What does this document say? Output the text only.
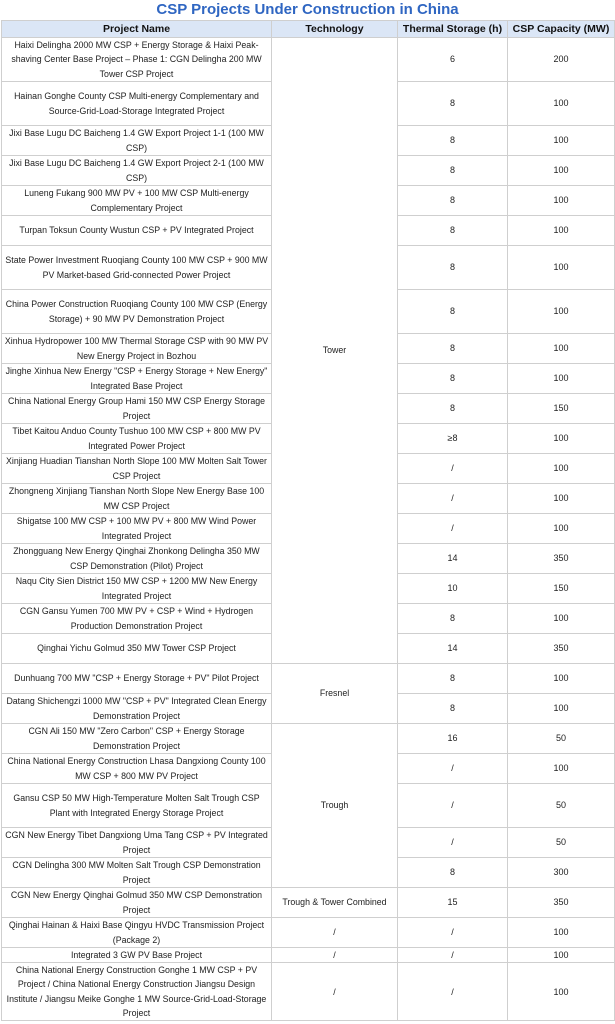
CSP Projects Under Construction in China
Project Name	Technology	Thermal Storage (h)	CSP Capacity (MW)
Haixi Delingha 2000 MW CSP + Energy Storage & Haixi Peak-shaving Center Base Project – Phase 1: CGN Delingha 200 MW Tower CSP Project	Tower	6	200
Hainan Gonghe County CSP Multi-energy Complementary and Source-Grid-Load-Storage Integrated Project		8	100
Jixi Base Lugu DC Baicheng 1.4 GW Export Project 1-1 (100 MW CSP)		8	100
Jixi Base Lugu DC Baicheng 1.4 GW Export Project 2-1 (100 MW CSP)		8	100
Luneng Fukang 900 MW PV + 100 MW CSP Multi-energy Complementary Project		8	100
Turpan Toksun County Wustun CSP + PV Integrated Project		8	100
State Power Investment Ruoqiang County 100 MW CSP + 900 MW PV Market-based Grid-connected Power Project		8	100
China Power Construction Ruoqiang County 100 MW CSP (Energy Storage) + 90 MW PV Demonstration Project		8	100
Xinhua Hydropower 100 MW Thermal Storage CSP with 90 MW PV New Energy Project in Bozhou		8	100
Jinghe Xinhua New Energy "CSP + Energy Storage + New Energy" Integrated Base Project		8	100
China National Energy Group Hami 150 MW CSP Energy Storage Project		8	150
Tibet Kaitou Anduo County Tushuo 100 MW CSP + 800 MW PV Integrated Power Project		≥8	100
Xinjiang Huadian Tianshan North Slope 100 MW Molten Salt Tower CSP Project		/	100
Zhongneng Xinjiang Tianshan North Slope New Energy Base 100 MW CSP Project		/	100
Shigatse 100 MW CSP + 100 MW PV + 800 MW Wind Power Integrated Project		/	100
Zhongguang New Energy Qinghai Zhonkong Delingha 350 MW CSP Demonstration (Pilot) Project		14	350
Naqu City Sien District 150 MW CSP + 1200 MW New Energy Integrated Project		10	150
CGN Gansu Yumen 700 MW PV + CSP + Wind + Hydrogen Production Demonstration Project		8	100
Qinghai Yichu Golmud 350 MW Tower CSP Project		14	350
Dunhuang 700 MW "CSP + Energy Storage + PV" Pilot Project	Fresnel	8	100
Datang Shichengzi 1000 MW "CSP + PV" Integrated Clean Energy Demonstration Project		8	100
CGN Ali 150 MW "Zero Carbon" CSP + Energy Storage Demonstration Project	Trough	16	50
China National Energy Construction Lhasa Dangxiong County 100 MW CSP + 800 MW PV Project		/	100
Gansu CSP 50 MW High-Temperature Molten Salt Trough CSP Plant with Integrated Energy Storage Project		/	50
CGN New Energy Tibet Dangxiong Uma Tang CSP + PV Integrated Project		/	50
CGN Delingha 300 MW Molten Salt Trough CSP Demonstration Project		8	300
CGN New Energy Qinghai Golmud 350 MW CSP Demonstration Project	Trough & Tower Combined	15	350
Qinghai Hainan & Haixi Base Qingyu HVDC Transmission Project (Package 2)	/	/	100
Integrated 3 GW PV Base Project	/	/	100
China National Energy Construction Gonghe 1 MW CSP + PV Project / China National Energy Construction Jiangsu Design Institute / Jiangsu Meike Gonghe 1 MW Source-Grid-Load-Storage Project	/	/	100
